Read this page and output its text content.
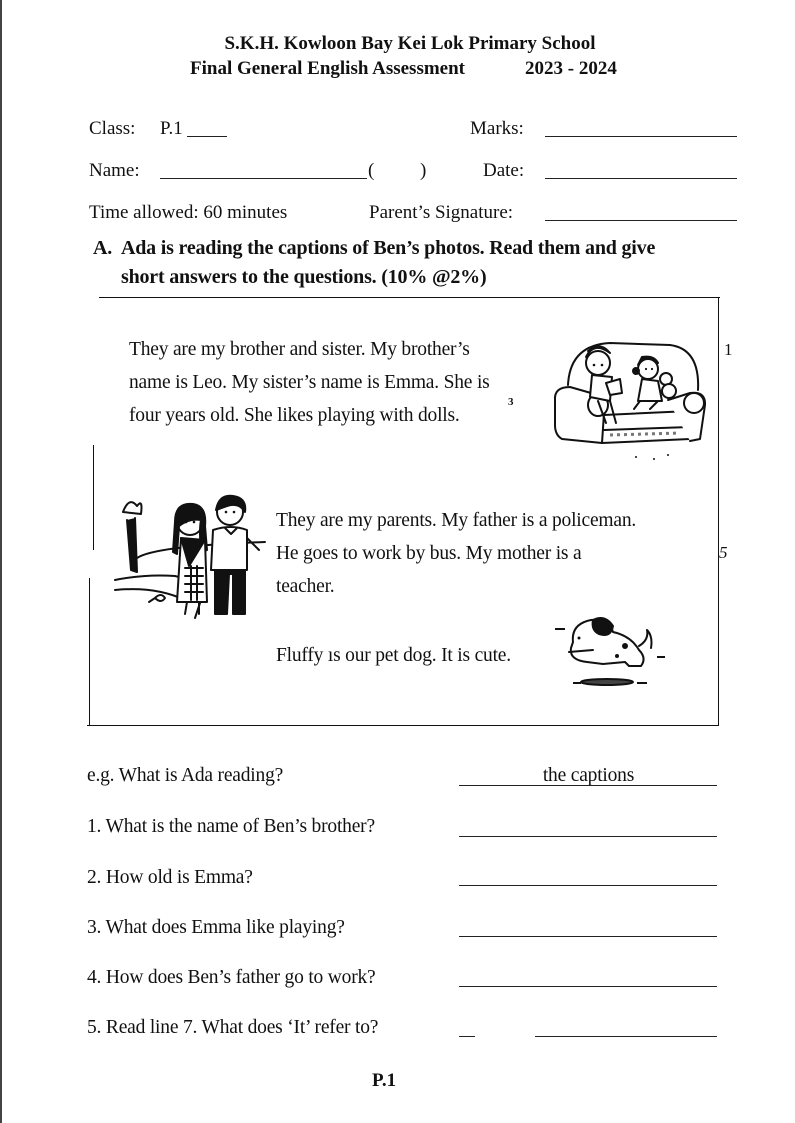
S.K.H. Kowloon Bay Kei Lok Primary School
Final General English Assessment	2023 - 2024
Class: P.1	Marks:
Name:	( )	Date:
Time allowed: 60 minutes	Parent’s Signature:
A. Ada is reading the captions of Ben’s photos. Read them and give
short answers to the questions. (10% @2%)
They are my brother and sister. My brother’s
name is Leo. My sister’s name is Emma. She is
four years old. She likes playing with dolls.
1
3
They are my parents. My father is a policeman.
He goes to work by bus. My mother is a
teacher.
5
Fluffy ıs our pet dog. It is cute.
e.g. What is Ada reading?	the captions
1. What is the name of Ben’s brother?
2. How old is Emma?
3. What does Emma like playing?
4. How does Ben’s father go to work?
5. Read line 7. What does ‘It’ refer to?
P.1
